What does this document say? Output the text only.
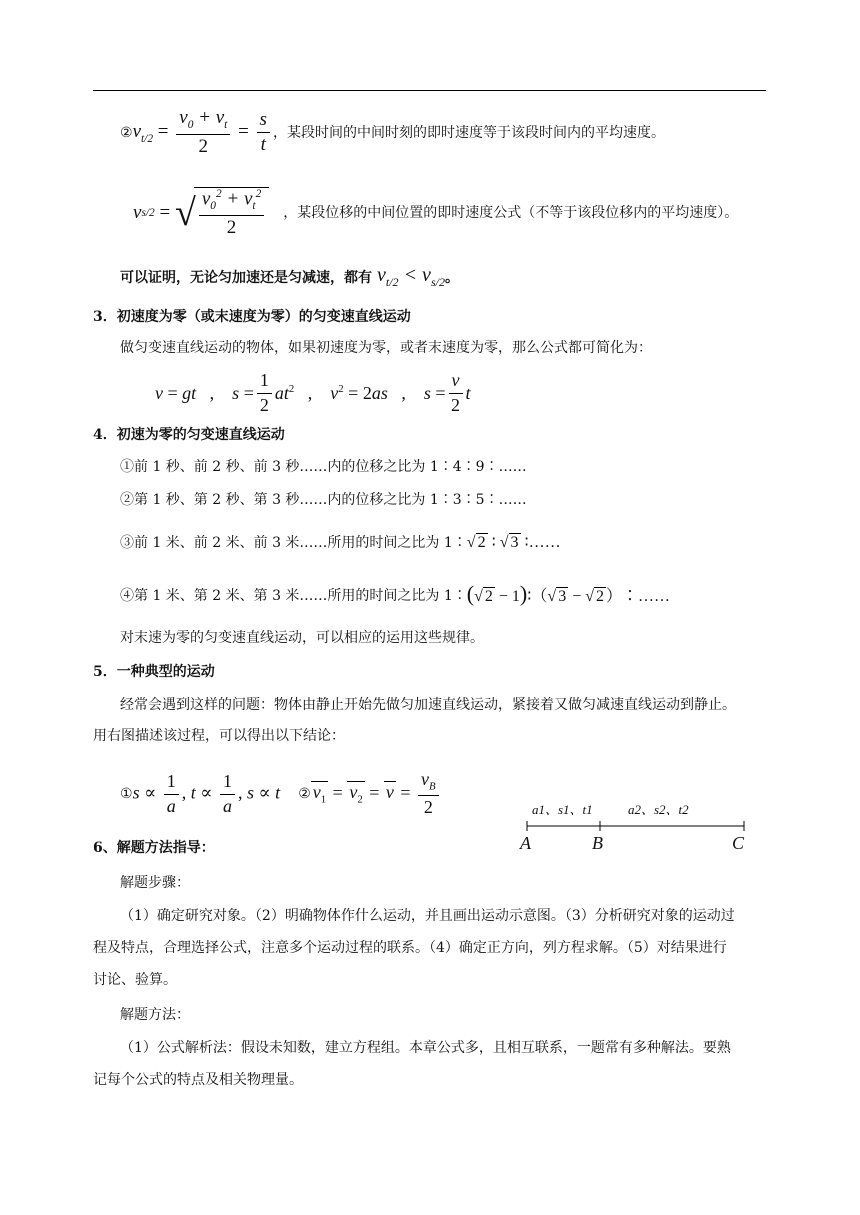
② $v_{t/2} = \frac{v_0 + v_t}{2} = \frac{s}{t}$ ，某段时间的中间时刻的即时速度等于该段时间内的平均速度。
v s/2 = √ $\frac{v_0^2 + v_t^2}{2}$ ，某段位移的中间位置的即时速度公式（不等于该段位移内的平均速度）。
可以证明，无论匀加速还是匀减速，都有 $v_{t/2} < v_{s/2}$ 。
3．初速度为零（或末速度为零）的匀变速直线运动
做匀变速直线运动的物体，如果初速度为零，或者末速度为零，那么公式都可简化为：
v = gt , $s = \frac{1}{2} at^2$ , $v^2 = 2as$ , $s = \frac{v}{2}$ t
4．初速为零的匀变速直线运动
①前 1 秒、前 2 秒、前 3 秒……内的位移之比为 1∶4∶9∶……
②第 1 秒、第 2 秒、第 3 秒……内的位移之比为 1∶3∶5∶……
③前 1 米、前 2 米、前 3 米……所用的时间之比为 1∶ √ 2 ∶ √ 3 ∶……
④第 1 米、第 2 米、第 3 米……所用的时间之比为 1∶ (√ 2 − 1)∶（√ 3 − √ 2 ）∶……
对末速为零的匀变速直线运动，可以相应的运用这些规律。
5．一种典型的运动
经常会遇到这样的问题：物体由静止开始先做匀加速直线运动，紧接着又做匀减速直线运动到静止。
用右图描述该过程，可以得出以下结论：
① $s \propto \frac{1}{a}$ , $t \propto \frac{1}{a}$ , s ∝ t ② $v_1 = v_2 = v = \frac{v_B}{2}$	a1、s1、t1	a2、s2、t2
A	B	C
6、解题方法指导：
解题步骤：
（1）确定研究对象。（2）明确物体作什么运动，并且画出运动示意图。（3）分析研究对象的运动过
程及特点，合理选择公式，注意多个运动过程的联系。（4）确定正方向，列方程求解。（5）对结果进行
讨论、验算。
解题方法：
（1）公式解析法：假设未知数，建立方程组。本章公式多，且相互联系，一题常有多种解法。要熟
记每个公式的特点及相关物理量。
